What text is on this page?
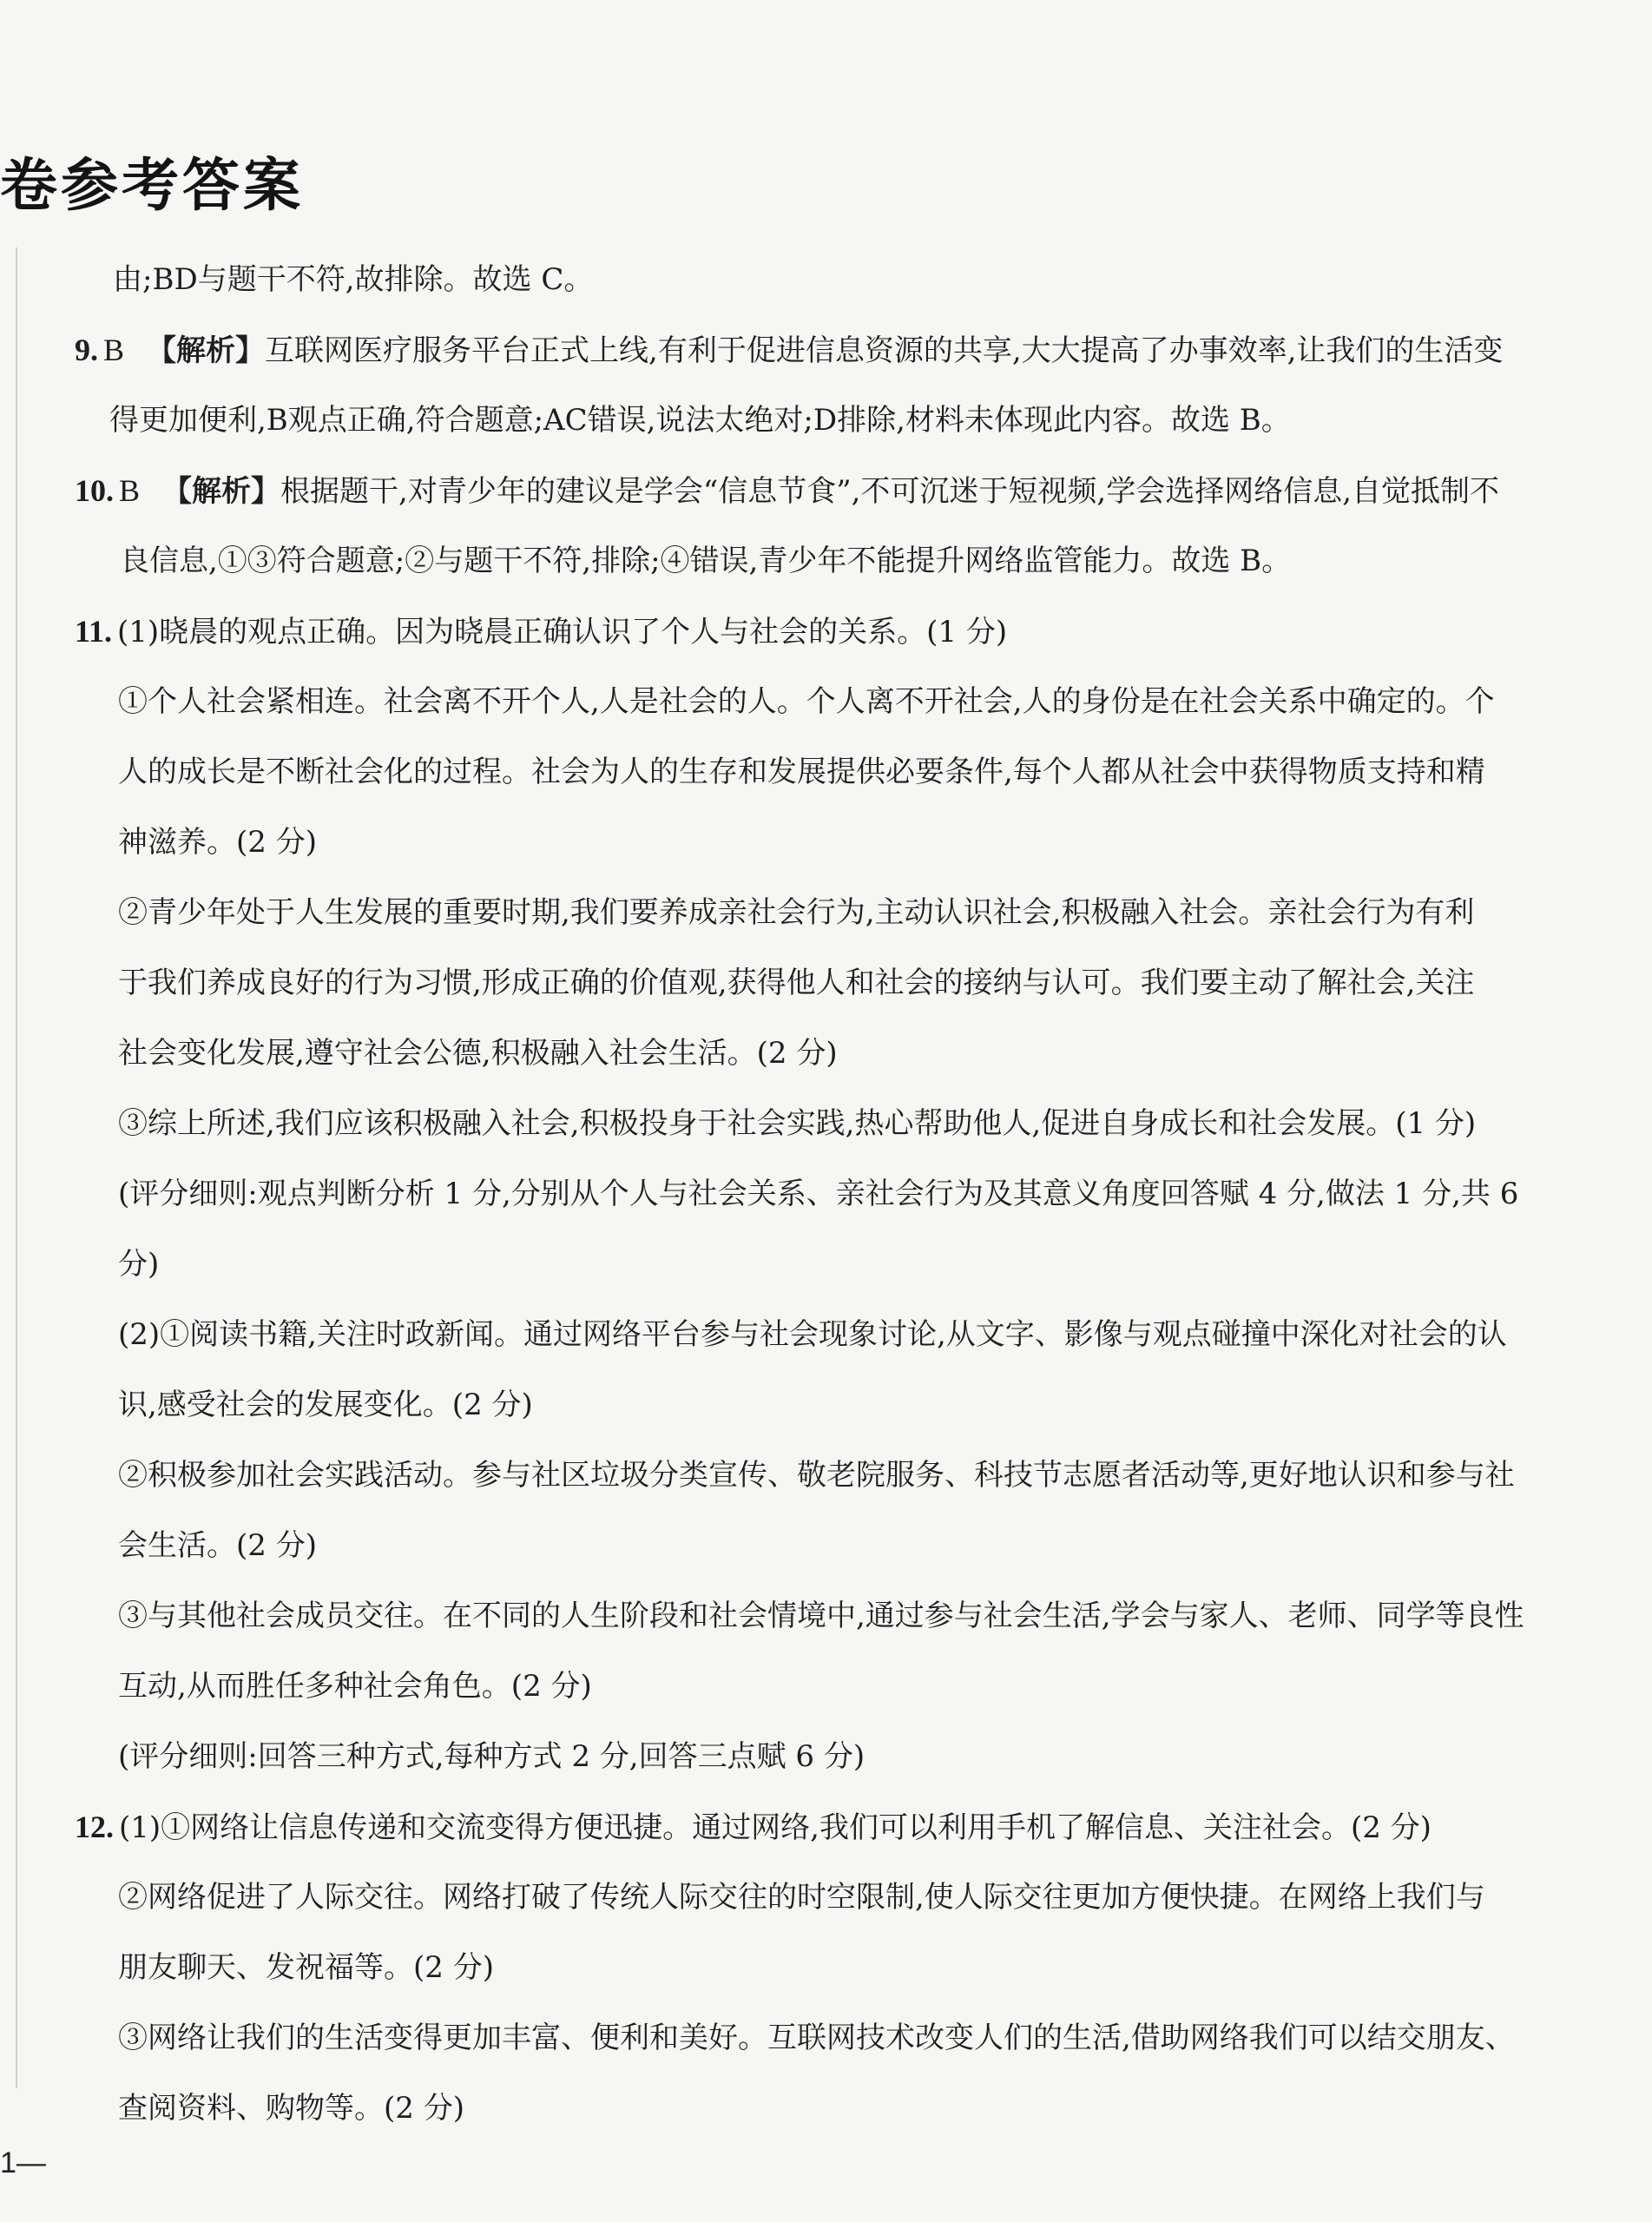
卷参考答案
由;BD与题干不符,故排除。故选 C。
9. B 【解析】互联网医疗服务平台正式上线,有利于促进信息资源的共享,大大提高了办事效率,让我们的生活变
得更加便利,B观点正确,符合题意;AC错误,说法太绝对;D排除,材料未体现此内容。故选 B。
10. B 【解析】根据题干,对青少年的建议是学会“信息节食”,不可沉迷于短视频,学会选择网络信息,自觉抵制不
良信息,①③符合题意;②与题干不符,排除;④错误,青少年不能提升网络监管能力。故选 B。
11. (1)晓晨的观点正确。因为晓晨正确认识了个人与社会的关系。(1 分)
①个人社会紧相连。社会离不开个人,人是社会的人。个人离不开社会,人的身份是在社会关系中确定的。个
人的成长是不断社会化的过程。社会为人的生存和发展提供必要条件,每个人都从社会中获得物质支持和精
神滋养。(2 分)
②青少年处于人生发展的重要时期,我们要养成亲社会行为,主动认识社会,积极融入社会。亲社会行为有利
于我们养成良好的行为习惯,形成正确的价值观,获得他人和社会的接纳与认可。我们要主动了解社会,关注
社会变化发展,遵守社会公德,积极融入社会生活。(2 分)
③综上所述,我们应该积极融入社会,积极投身于社会实践,热心帮助他人,促进自身成长和社会发展。(1 分)
(评分细则:观点判断分析 1 分,分别从个人与社会关系、亲社会行为及其意义角度回答赋 4 分,做法 1 分,共 6
分)
(2)①阅读书籍,关注时政新闻。通过网络平台参与社会现象讨论,从文字、影像与观点碰撞中深化对社会的认
识,感受社会的发展变化。(2 分)
②积极参加社会实践活动。参与社区垃圾分类宣传、敬老院服务、科技节志愿者活动等,更好地认识和参与社
会生活。(2 分)
③与其他社会成员交往。在不同的人生阶段和社会情境中,通过参与社会生活,学会与家人、老师、同学等良性
互动,从而胜任多种社会角色。(2 分)
(评分细则:回答三种方式,每种方式 2 分,回答三点赋 6 分)
12. (1)①网络让信息传递和交流变得方便迅捷。通过网络,我们可以利用手机了解信息、关注社会。(2 分)
②网络促进了人际交往。网络打破了传统人际交往的时空限制,使人际交往更加方便快捷。在网络上我们与
朋友聊天、发祝福等。(2 分)
③网络让我们的生活变得更加丰富、便利和美好。互联网技术改变人们的生活,借助网络我们可以结交朋友、
查阅资料、购物等。(2 分)
1—
